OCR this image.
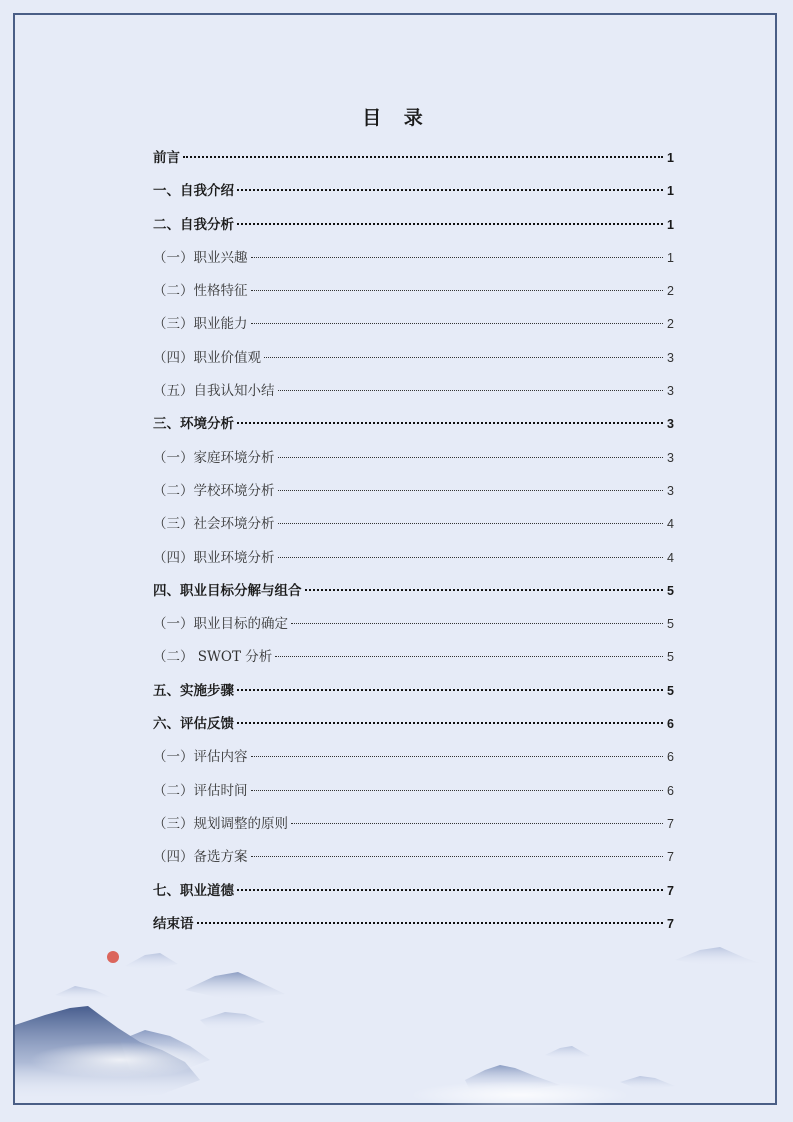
目 录
前言	1
一、自我介绍	1
二、自我分析	1
（一）职业兴趣	1
（二）性格特征	2
（三）职业能力	2
（四）职业价值观	3
（五）自我认知小结	3
三、环境分析	3
（一）家庭环境分析	3
（二）学校环境分析	3
（三）社会环境分析	4
（四）职业环境分析	4
四、职业目标分解与组合	5
（一）职业目标的确定	5
（二） SWOT 分析	5
五、实施步骤	5
六、评估反馈	6
（一）评估内容	6
（二）评估时间	6
（三）规划调整的原则	7
（四）备选方案	7
七、职业道德	7
结束语	7
